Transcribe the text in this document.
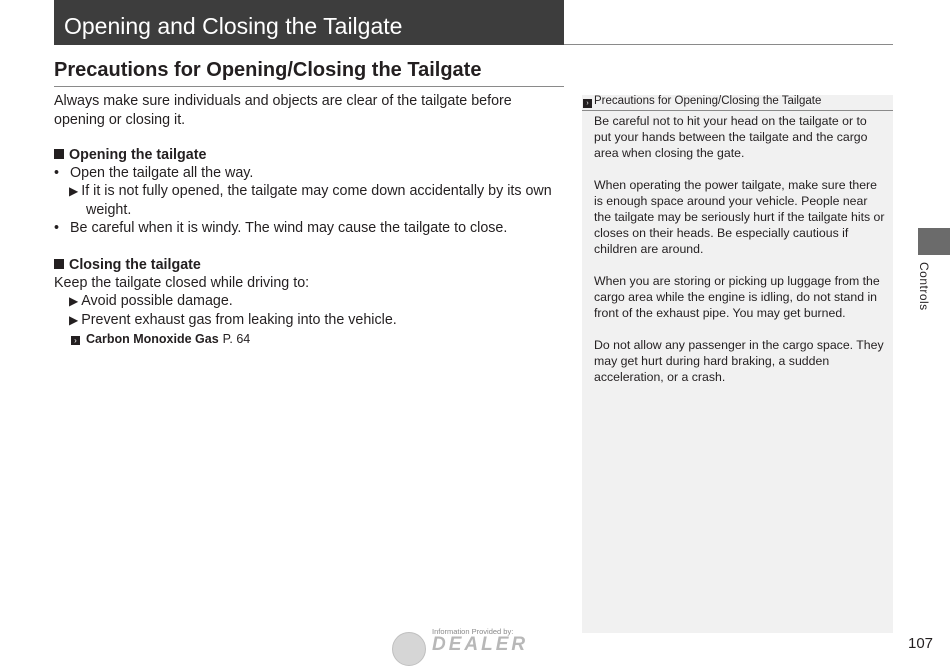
Opening and Closing the Tailgate
Precautions for Opening/Closing the Tailgate
Always make sure individuals and objects are clear of the tailgate before opening or closing it.
Opening the tailgate
• Open the tailgate all the way.
▶ If it is not fully opened, the tailgate may come down accidentally by its own
weight.
• Be careful when it is windy. The wind may cause the tailgate to close.
Closing the tailgate
Keep the tailgate closed while driving to:
▶ Avoid possible damage.
▶ Prevent exhaust gas from leaking into the vehicle.
› Carbon Monoxide Gas P. 64
› Precautions for Opening/Closing the Tailgate
Be careful not to hit your head on the tailgate or to put your hands between the tailgate and the cargo area when closing the gate.
When operating the power tailgate, make sure there is enough space around your vehicle. People near the tailgate may be seriously hurt if the tailgate hits or closes on their heads. Be especially cautious if children are around.
When you are storing or picking up luggage from the cargo area while the engine is idling, do not stand in front of the exhaust pipe. You may get burned.
Do not allow any passenger in the cargo space. They may get hurt during hard braking, a sudden acceleration, or a crash.
Controls
Information Provided by:
DEALER	107
